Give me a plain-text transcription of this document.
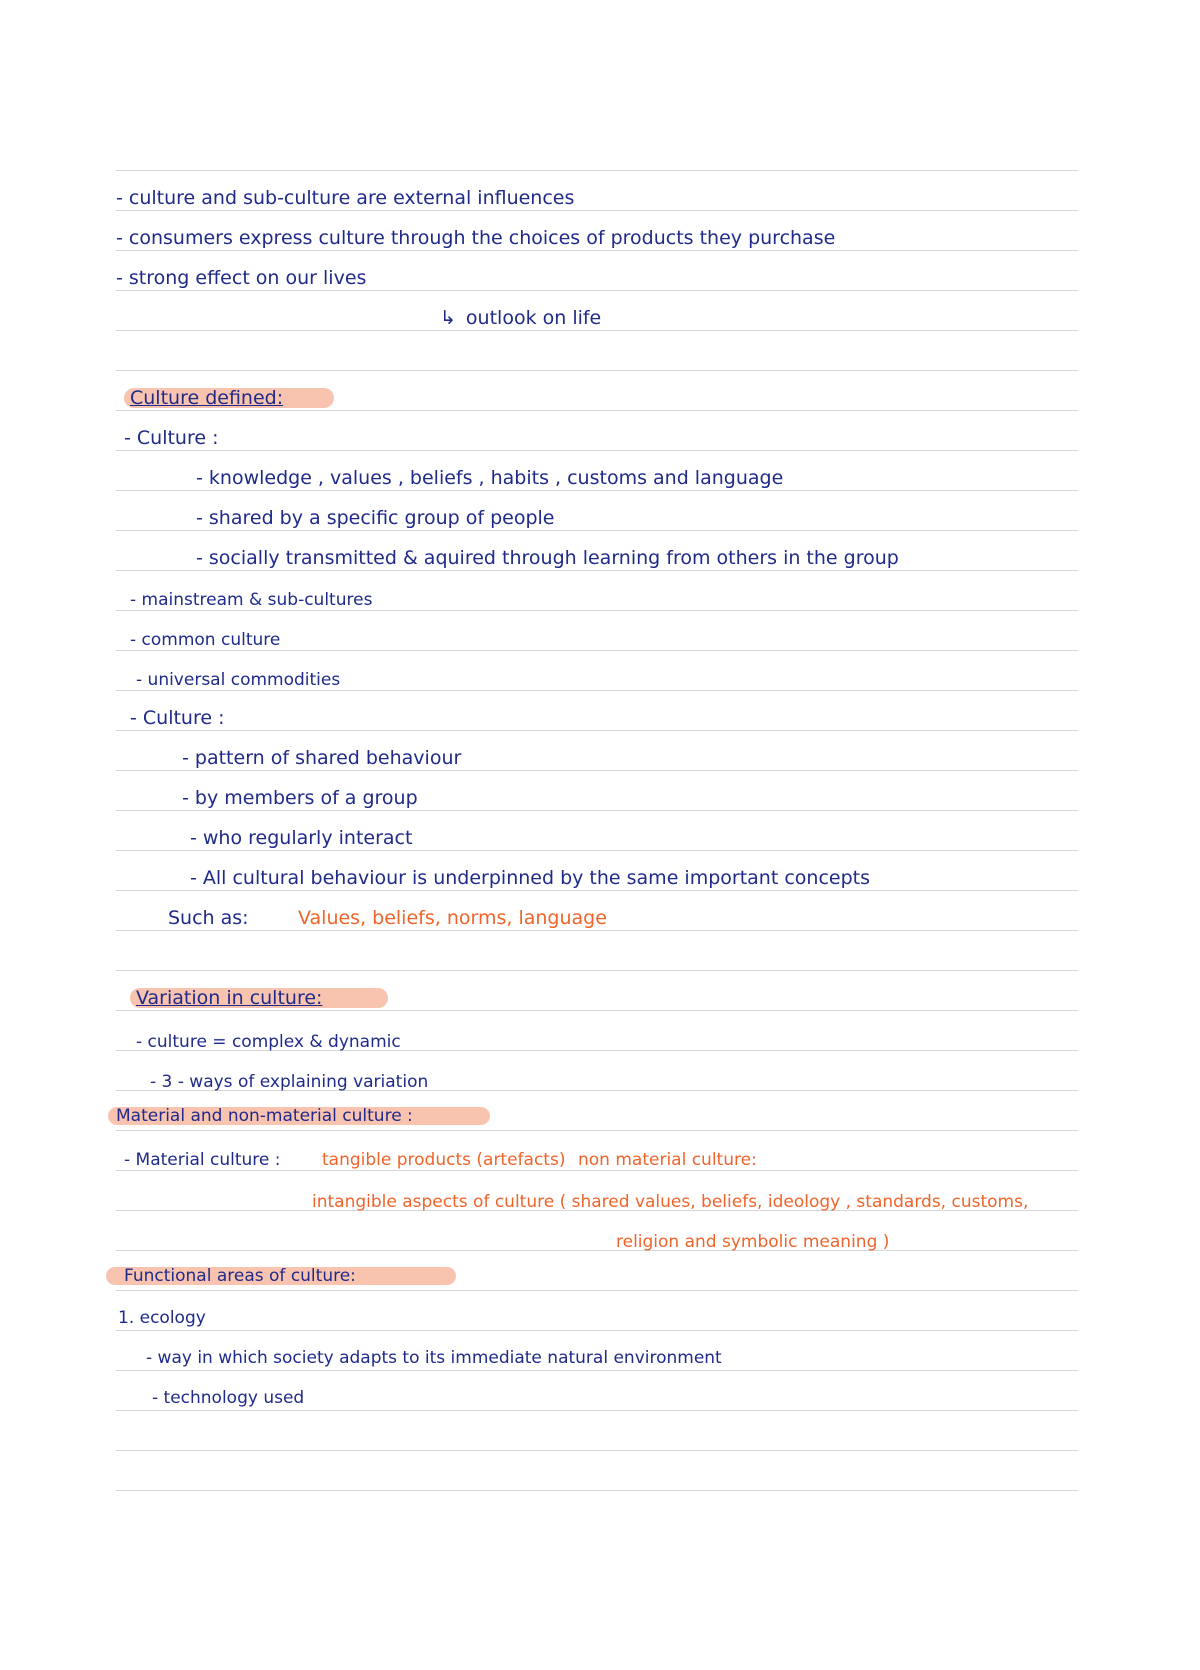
- culture and sub-culture are external influences
- consumers express culture through the choices of products they purchase
- strong effect on our lives
↳ outlook on life
Culture defined:
- Culture :
- knowledge , values , beliefs , habits , customs and language
- shared by a specific group of people
- socially transmitted & aquired through learning from others in the group
- mainstream & sub-cultures
- common culture
- universal commodities
- Culture :
- pattern of shared behaviour
- by members of a group
- who regularly interact
- All cultural behaviour is underpinned by the same important concepts
Such as:	Values, beliefs, norms, language
Variation in culture:
- culture = complex & dynamic
- 3 - ways of explaining variation
Material and non-material culture :
- Material culture : tangible products (artefacts) non material culture:
intangible aspects of culture ( shared values, beliefs, ideology , standards, customs,
religion and symbolic meaning )
Functional areas of culture:
1. ecology
- way in which society adapts to its immediate natural environment
- technology used
